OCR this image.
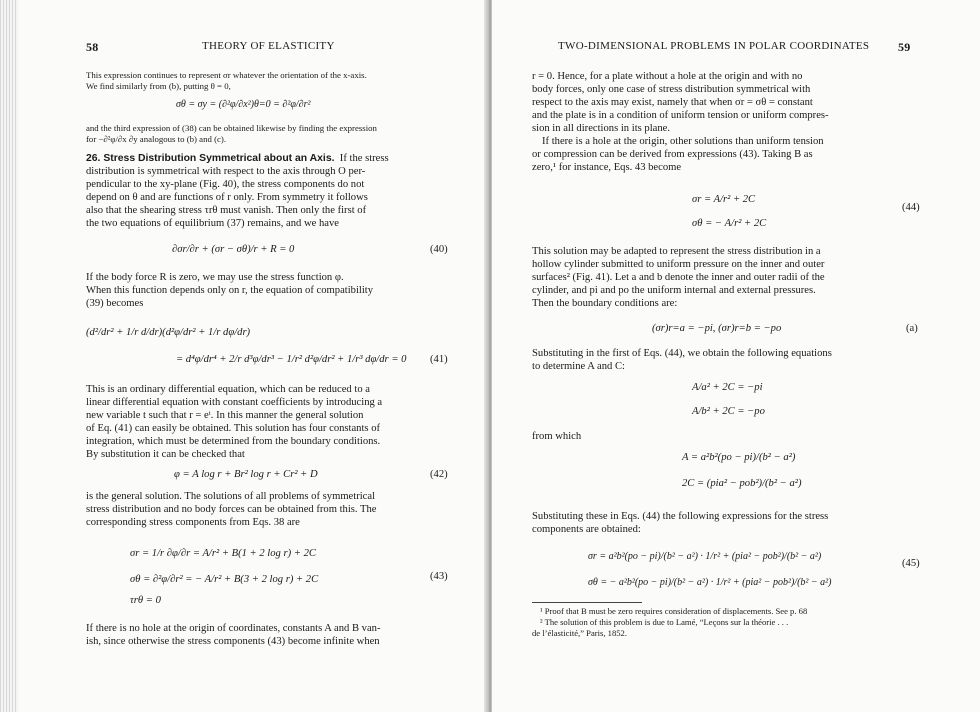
58	THEORY OF ELASTICITY
This expression continues to represent σr whatever the orientation of the x-axis.
We find similarly from (b), putting θ = 0,
σθ = σy = (∂²φ/∂x²)θ=0 = ∂²φ/∂r²
and the third expression of (38) can be obtained likewise by finding the expression
for −∂²φ/∂x ∂y analogous to (b) and (c).
26. Stress Distribution Symmetrical about an Axis. If the stress
distribution is symmetrical with respect to the axis through O per-
pendicular to the xy-plane (Fig. 40), the stress components do not
depend on θ and are functions of r only. From symmetry it follows
also that the shearing stress τrθ must vanish. Then only the first of
the two equations of equilibrium (37) remains, and we have
∂σr/∂r + (σr − σθ)/r + R = 0	(40)
If the body force R is zero, we may use the stress function φ.
When this function depends only on r, the equation of compatibility
(39) becomes
(d²/dr² + 1/r d/dr)(d²φ/dr² + 1/r dφ/dr)
= d⁴φ/dr⁴ + 2/r d³φ/dr³ − 1/r² d²φ/dr² + 1/r³ dφ/dr = 0 (41)
This is an ordinary differential equation, which can be reduced to a
linear differential equation with constant coefficients by introducing a
new variable t such that r = eᵗ. In this manner the general solution
of Eq. (41) can easily be obtained. This solution has four constants of
integration, which must be determined from the boundary conditions.
By substitution it can be checked that
φ = A log r + Br² log r + Cr² + D	(42)
is the general solution. The solutions of all problems of symmetrical
stress distribution and no body forces can be obtained from this. The
corresponding stress components from Eqs. 38 are
σr = 1/r ∂φ/∂r = A/r² + B(1 + 2 log r) + 2C
σθ = ∂²φ/∂r² = − A/r² + B(3 + 2 log r) + 2C
τrθ = 0
(43)
If there is no hole at the origin of coordinates, constants A and B van-
ish, since otherwise the stress components (43) become infinite when
TWO-DIMENSIONAL PROBLEMS IN POLAR COORDINATES 59
r = 0. Hence, for a plate without a hole at the origin and with no
body forces, only one case of stress distribution symmetrical with
respect to the axis may exist, namely that when σr = σθ = constant
and the plate is in a condition of uniform tension or uniform compres-
sion in all directions in its plane.
If there is a hole at the origin, other solutions than uniform tension
or compression can be derived from expressions (43). Taking B as
zero,¹ for instance, Eqs. 43 become
σr = A/r² + 2C
σθ = − A/r² + 2C
(44)
This solution may be adapted to represent the stress distribution in a
hollow cylinder submitted to uniform pressure on the inner and outer
surfaces² (Fig. 41). Let a and b denote the inner and outer radii of the
cylinder, and pi and po the uniform internal and external pressures.
Then the boundary conditions are:
(σr)r=a = −pi, (σr)r=b = −po	(a)
Substituting in the first of Eqs. (44), we obtain the following equations
to determine A and C:
A/a² + 2C = −pi
A/b² + 2C = −po
from which
A = a²b²(po − pi)/(b² − a²)
2C = (pia² − pob²)/(b² − a²)
Substituting these in Eqs. (44) the following expressions for the stress
components are obtained:
σr = a²b²(po − pi)/(b² − a²) · 1/r² + (pia² − pob²)/(b² − a²)
σθ = − a²b²(po − pi)/(b² − a²) · 1/r² + (pia² − pob²)/(b² − a²)
(45)
¹ Proof that B must be zero requires consideration of displacements. See p. 68
² The solution of this problem is due to Lamé, “Leçons sur la théorie . . .
de l’élasticité,” Paris, 1852.
